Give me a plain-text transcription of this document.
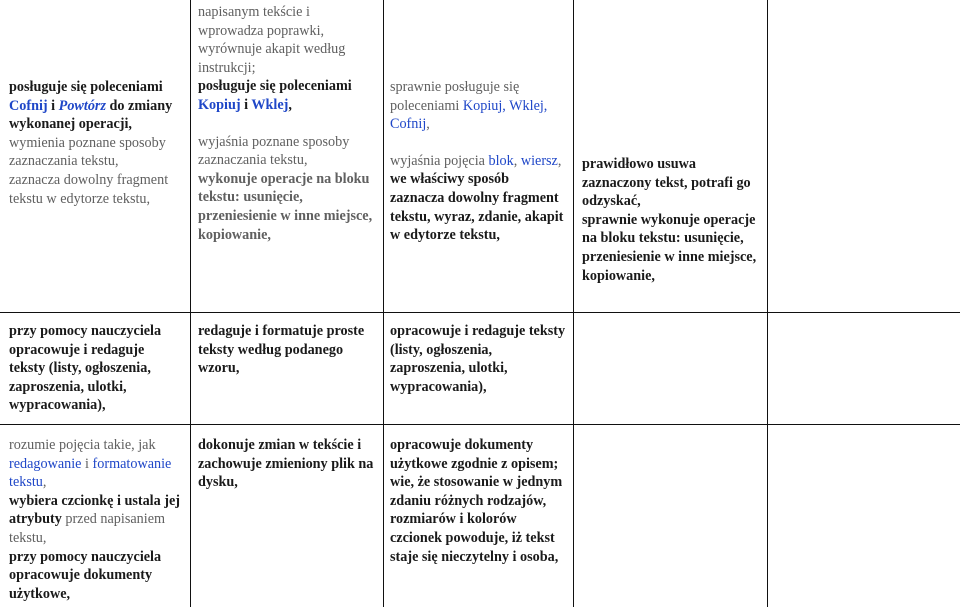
posługuje się poleceniami Cofnij i Powtórz do zmiany wykonanej operacji,
wymienia poznane sposoby zaznaczania tekstu,
zaznacza dowolny fragment tekstu w edytorze tekstu,
napisanym tekście i wprowadza poprawki, wyrównuje akapit według instrukcji;
posługuje się poleceniami Kopiuj i Wklej,
wyjaśnia poznane sposoby zaznaczania tekstu,
wykonuje operacje na bloku tekstu: usunięcie, przeniesienie w inne miejsce, kopiowanie,
sprawnie posługuje się poleceniami Kopiuj, Wklej, Cofnij,
wyjaśnia pojęcia blok, wiersz,
we właściwy sposób zaznacza dowolny fragment tekstu, wyraz, zdanie, akapit
w edytorze tekstu,
prawidłowo usuwa zaznaczony tekst, potrafi go odzyskać,
sprawnie wykonuje operacje na bloku tekstu: usunięcie, przeniesienie w inne miejsce, kopiowanie,
przy pomocy nauczyciela opracowuje i redaguje teksty (listy, ogłoszenia, zaproszenia, ulotki, wypracowania),
redaguje i formatuje proste teksty według podanego wzoru,
opracowuje i redaguje teksty (listy, ogłoszenia, zaproszenia, ulotki, wypracowania),
rozumie pojęcia takie, jak redagowanie i formatowanie tekstu,
wybiera czcionkę i ustala jej atrybuty przed napisaniem tekstu,
przy pomocy nauczyciela opracowuje dokumenty użytkowe,
dokonuje zmian w tekście i zachowuje zmieniony plik na dysku,
opracowuje dokumenty użytkowe zgodnie z opisem;
wie, że stosowanie w jednym zdaniu różnych rodzajów, rozmiarów i kolorów czcionek powoduje, iż tekst staje się nieczytelny i osoba,
